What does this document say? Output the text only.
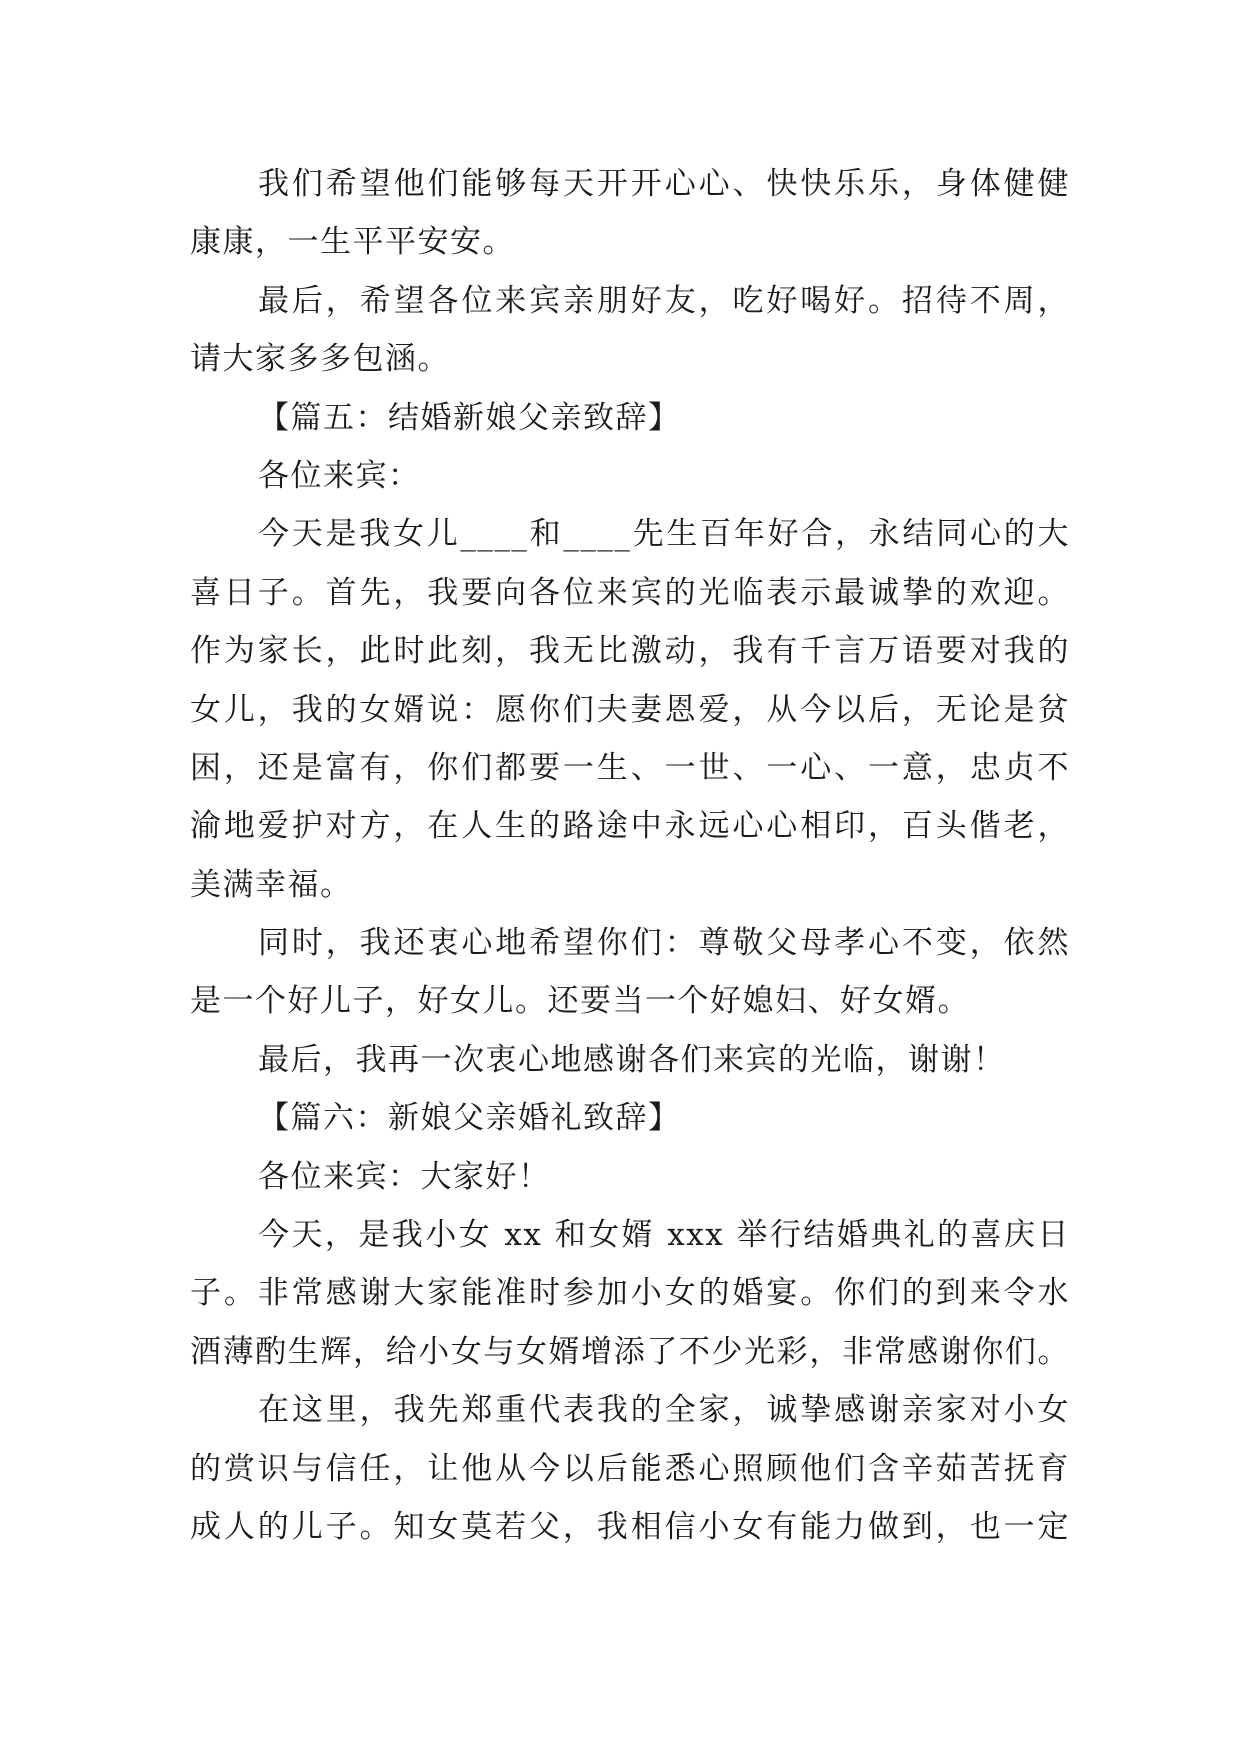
我们希望他们能够每天开开心心、快快乐乐，身体健健
康康，一生平平安安。
最后，希望各位来宾亲朋好友，吃好喝好。招待不周，
请大家多多包涵。
【篇五：结婚新娘父亲致辞】
各位来宾：
今天是我女儿____和____先生百年好合，永结同心的大
喜日子。首先，我要向各位来宾的光临表示最诚挚的欢迎。
作为家长，此时此刻，我无比激动，我有千言万语要对我的
女儿，我的女婿说：愿你们夫妻恩爱，从今以后，无论是贫
困，还是富有，你们都要一生、一世、一心、一意，忠贞不
渝地爱护对方，在人生的路途中永远心心相印，百头偕老，
美满幸福。
同时，我还衷心地希望你们：尊敬父母孝心不变，依然
是一个好儿子，好女儿。还要当一个好媳妇、好女婿。
最后，我再一次衷心地感谢各们来宾的光临，谢谢！
【篇六：新娘父亲婚礼致辞】
各位来宾：大家好！
今天，是我小女 xx 和女婿 xxx 举行结婚典礼的喜庆日
子。非常感谢大家能准时参加小女的婚宴。你们的到来令水
酒薄酌生辉，给小女与女婿增添了不少光彩，非常感谢你们。
在这里，我先郑重代表我的全家，诚挚感谢亲家对小女
的赏识与信任，让他从今以后能悉心照顾他们含辛茹苦抚育
成人的儿子。知女莫若父，我相信小女有能力做到，也一定
